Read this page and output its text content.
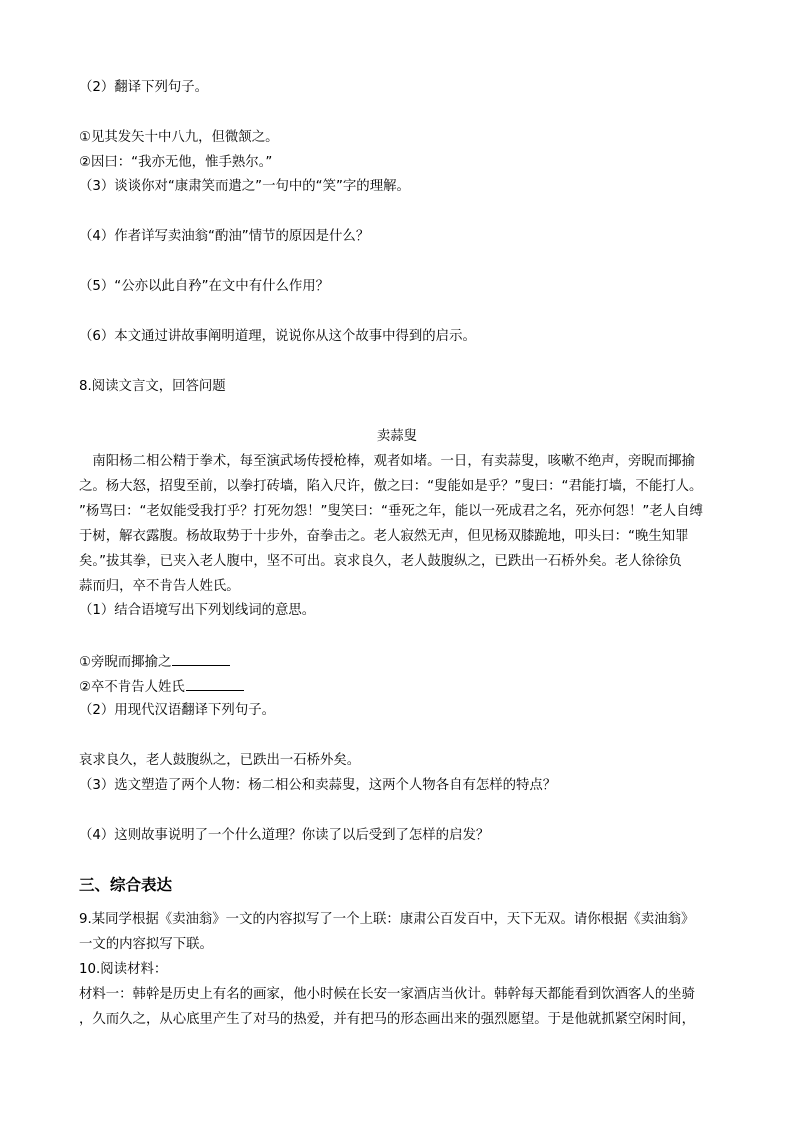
（2）翻译下列句子。
①见其发矢十中八九，但微颔之。
②因曰：“我亦无他，惟手熟尔。”
（3）谈谈你对“康肃笑而遣之”一句中的“笑”字的理解。
（4）作者详写卖油翁“酌油”情节的原因是什么？
（5）“公亦以此自矜”在文中有什么作用？
（6）本文通过讲故事阐明道理，说说你从这个故事中得到的启示。
8.阅读文言文，回答问题
卖蒜叟
　南阳杨二相公精于拳术，每至演武场传授枪棒，观者如堵。一日，有卖蒜叟，咳嗽不绝声，旁睨而揶揄
之。杨大怒，招叟至前，以拳打砖墙，陷入尺许，傲之曰：“叟能如是乎？”叟曰：“君能打墙，不能打人。
”杨骂曰：“老奴能受我打乎？打死勿怨！”叟笑曰：“垂死之年，能以一死成君之名，死亦何怨！”老人自缚
于树，解衣露腹。杨故取势于十步外，奋拳击之。老人寂然无声，但见杨双膝跪地，叩头曰：“晚生知罪
矣。”拔其拳，已夹入老人腹中，坚不可出。哀求良久，老人鼓腹纵之，已跌出一石桥外矣。老人徐徐负
蒜而归，卒不肯告人姓氏。
（1）结合语境写出下列划线词的意思。
①旁睨而揶揄之
②卒不肯告人姓氏
（2）用现代汉语翻译下列句子。
哀求良久，老人鼓腹纵之，已跌出一石桥外矣。
（3）选文塑造了两个人物：杨二相公和卖蒜叟，这两个人物各自有怎样的特点？
（4）这则故事说明了一个什么道理？你读了以后受到了怎样的启发？
三、综合表达
9.某同学根据《卖油翁》一文的内容拟写了一个上联：康肃公百发百中，天下无双。请你根据《卖油翁》
一文的内容拟写下联。
10.阅读材料：
材料一：韩幹是历史上有名的画家，他小时候在长安一家酒店当伙计。韩幹每天都能看到饮酒客人的坐骑
，久而久之，从心底里产生了对马的热爱，并有把马的形态画出来的强烈愿望。于是他就抓紧空闲时间，
